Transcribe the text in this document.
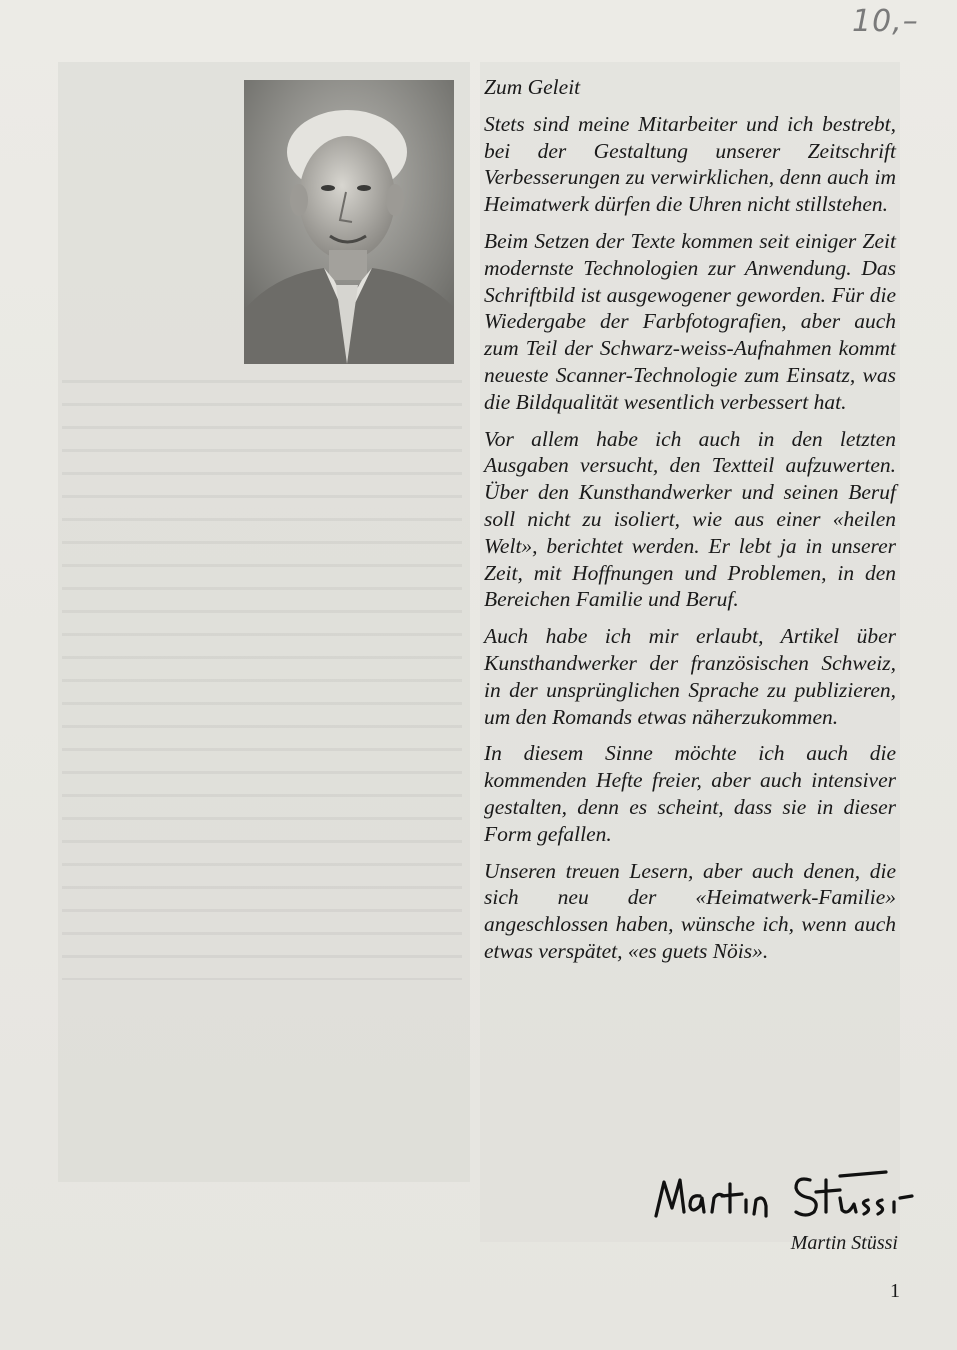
10,–
Zum Geleit

Stets sind meine Mitarbeiter und ich bestrebt, bei der Gestaltung unserer Zeitschrift Verbesserungen zu verwirklichen, denn auch im Heimatwerk dürfen die Uhren nicht stillstehen.

Beim Setzen der Texte kommen seit einiger Zeit modernste Technologien zur Anwendung. Das Schriftbild ist ausgewogener geworden. Für die Wiedergabe der Farbfotografien, aber auch zum Teil der Schwarz-weiss-Aufnahmen kommt neueste Scanner-Technologie zum Einsatz, was die Bildqualität wesentlich verbessert hat.

Vor allem habe ich auch in den letzten Ausgaben versucht, den Textteil aufzuwerten. Über den Kunsthandwerker und seinen Beruf soll nicht zu isoliert, wie aus einer «heilen Welt», berichtet werden. Er lebt ja in unserer Zeit, mit Hoffnungen und Problemen, in den Bereichen Familie und Beruf.

Auch habe ich mir erlaubt, Artikel über Kunsthandwerker der französischen Schweiz, in der unsprünglichen Sprache zu publizieren, um den Romands etwas näherzukommen.

In diesem Sinne möchte ich auch die kommenden Hefte freier, aber auch intensiver gestalten, denn es scheint, dass sie in dieser Form gefallen.

Unseren treuen Lesern, aber auch denen, die sich neu der «Heimatwerk-Familie» angeschlossen haben, wünsche ich, wenn auch etwas verspätet, «es guets Nöis».

Martin Stüssi
1
